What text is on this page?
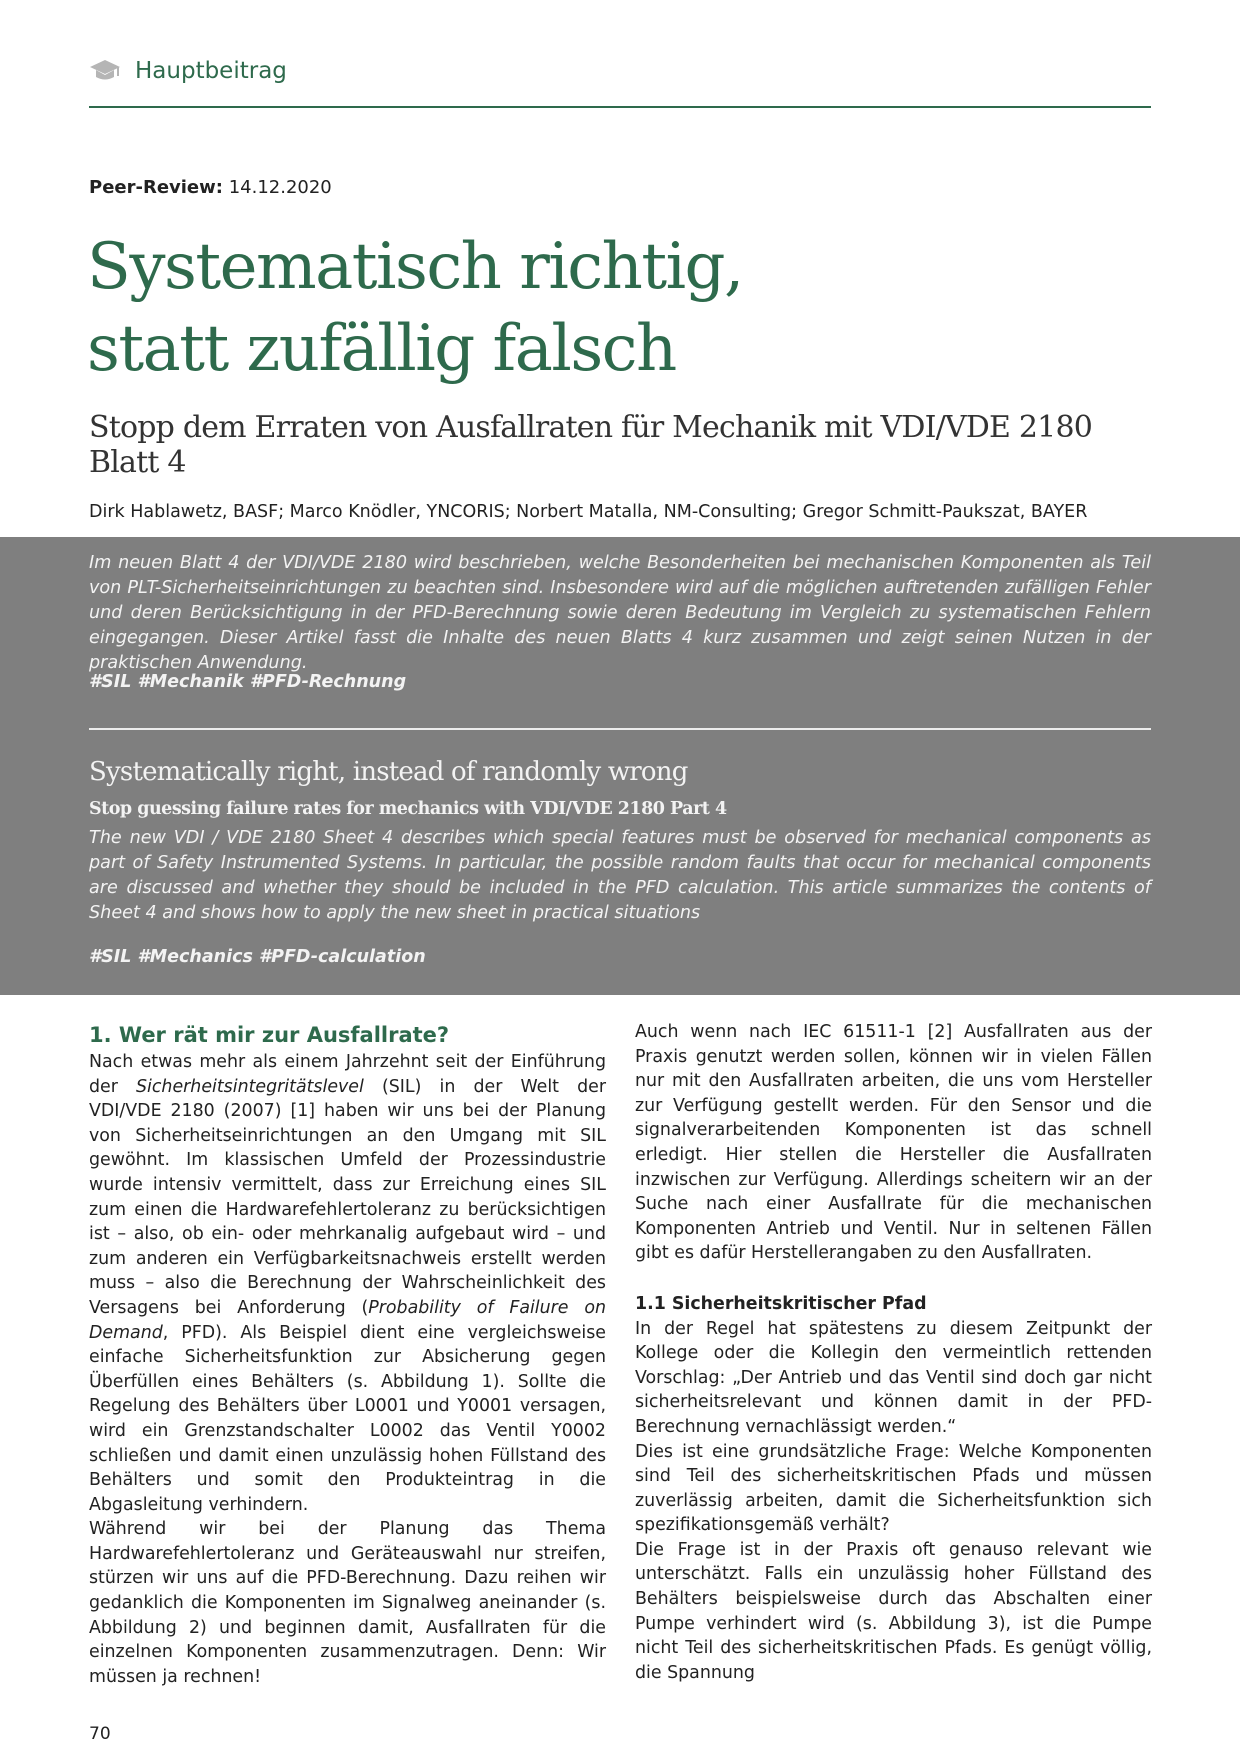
Hauptbeitrag
Peer-Review: 14.12.2020
Systematisch richtig,
statt zufällig falsch
Stopp dem Erraten von Ausfallraten für Mechanik mit VDI/VDE 2180 Blatt 4
Dirk Hablawetz, BASF; Marco Knödler, YNCORIS; Norbert Matalla, NM-Consulting; Gregor Schmitt-Paukszat, BAYER

Im neuen Blatt 4 der VDI/VDE 2180 wird beschrieben, welche Besonderheiten bei mechanischen Komponenten als Teil von PLT-Sicherheitseinrichtungen zu beachten sind. Insbesondere wird auf die möglichen auftretenden zufälligen Fehler und deren Berücksichtigung in der PFD-Berechnung sowie deren Bedeutung im Vergleich zu systematischen Fehlern eingegangen. Dieser Artikel fasst die Inhalte des neuen Blatts 4 kurz zusammen und zeigt seinen Nutzen in der praktischen Anwendung.

#SIL #Mechanik #PFD-Rechnung
Systematically right, instead of randomly wrong
Stop guessing failure rates for mechanics with VDI/VDE 2180 Part 4

The new VDI / VDE 2180 Sheet 4 describes which special features must be observed for mechanical components as part of Safety Instrumented Systems. In particular, the possible random faults that occur for mechanical components are discussed and whether they should be included in the PFD calculation. This article summarizes the contents of Sheet 4 and shows how to apply the new sheet in practical situations

#SIL #Mechanics #PFD-calculation
1. Wer rät mir zur Ausfallrate?

Nach etwas mehr als einem Jahrzehnt seit der Einführung der Sicherheitsintegritätslevel (SIL) in der Welt der VDI/VDE 2180 (2007) [1] haben wir uns bei der Planung von Sicherheitseinrichtungen an den Umgang mit SIL gewöhnt. Im klassischen Umfeld der Prozessindustrie wurde intensiv vermittelt, dass zur Erreichung eines SIL zum einen die Hardwarefehlertoleranz zu berücksichtigen ist – also, ob ein- oder mehrkanalig aufgebaut wird – und zum anderen ein Verfügbarkeitsnachweis erstellt werden muss – also die Berechnung der Wahrscheinlichkeit des Versagens bei Anforderung (Probability of Failure on Demand, PFD). Als Beispiel dient eine vergleichsweise einfache Sicherheitsfunktion zur Absicherung gegen Überfüllen eines Behälters (s. Abbildung 1). Sollte die Regelung des Behälters über L0001 und Y0001 versagen, wird ein Grenzstandschalter L0002 das Ventil Y0002 schließen und damit einen unzulässig hohen Füllstand des Behälters und somit den Produkteintrag in die Abgasleitung verhindern.

Während wir bei der Planung das Thema Hardwarefehlertoleranz und Geräteauswahl nur streifen, stürzen wir uns auf die PFD-Berechnung. Dazu reihen wir gedanklich die Komponenten im Signalweg aneinander (s. Abbildung 2) und beginnen damit, Ausfallraten für die einzelnen Komponenten zusammenzutragen. Denn: Wir müssen ja rechnen!

Auch wenn nach IEC 61511-1 [2] Ausfallraten aus der Praxis genutzt werden sollen, können wir in vielen Fällen nur mit den Ausfallraten arbeiten, die uns vom Hersteller zur Verfügung gestellt werden. Für den Sensor und die signalverarbeitenden Komponenten ist das schnell erledigt. Hier stellen die Hersteller die Ausfallraten inzwischen zur Verfügung. Allerdings scheitern wir an der Suche nach einer Ausfallrate für die mechanischen Komponenten Antrieb und Ventil. Nur in seltenen Fällen gibt es dafür Herstellerangaben zu den Ausfallraten.

1.1 Sicherheitskritischer Pfad

In der Regel hat spätestens zu diesem Zeitpunkt der Kollege oder die Kollegin den vermeintlich rettenden Vorschlag: „Der Antrieb und das Ventil sind doch gar nicht sicherheitsrelevant und können damit in der PFD-Berechnung vernachlässigt werden.“

Dies ist eine grundsätzliche Frage: Welche Komponenten sind Teil des sicherheitskritischen Pfads und müssen zuverlässig arbeiten, damit die Sicherheitsfunktion sich spezifikationsgemäß verhält?

Die Frage ist in der Praxis oft genauso relevant wie unterschätzt. Falls ein unzulässig hoher Füllstand des Behälters beispielsweise durch das Abschalten einer Pumpe verhindert wird (s. Abbildung 3), ist die Pumpe nicht Teil des sicherheitskritischen Pfads. Es genügt völlig, die Spannung

70
